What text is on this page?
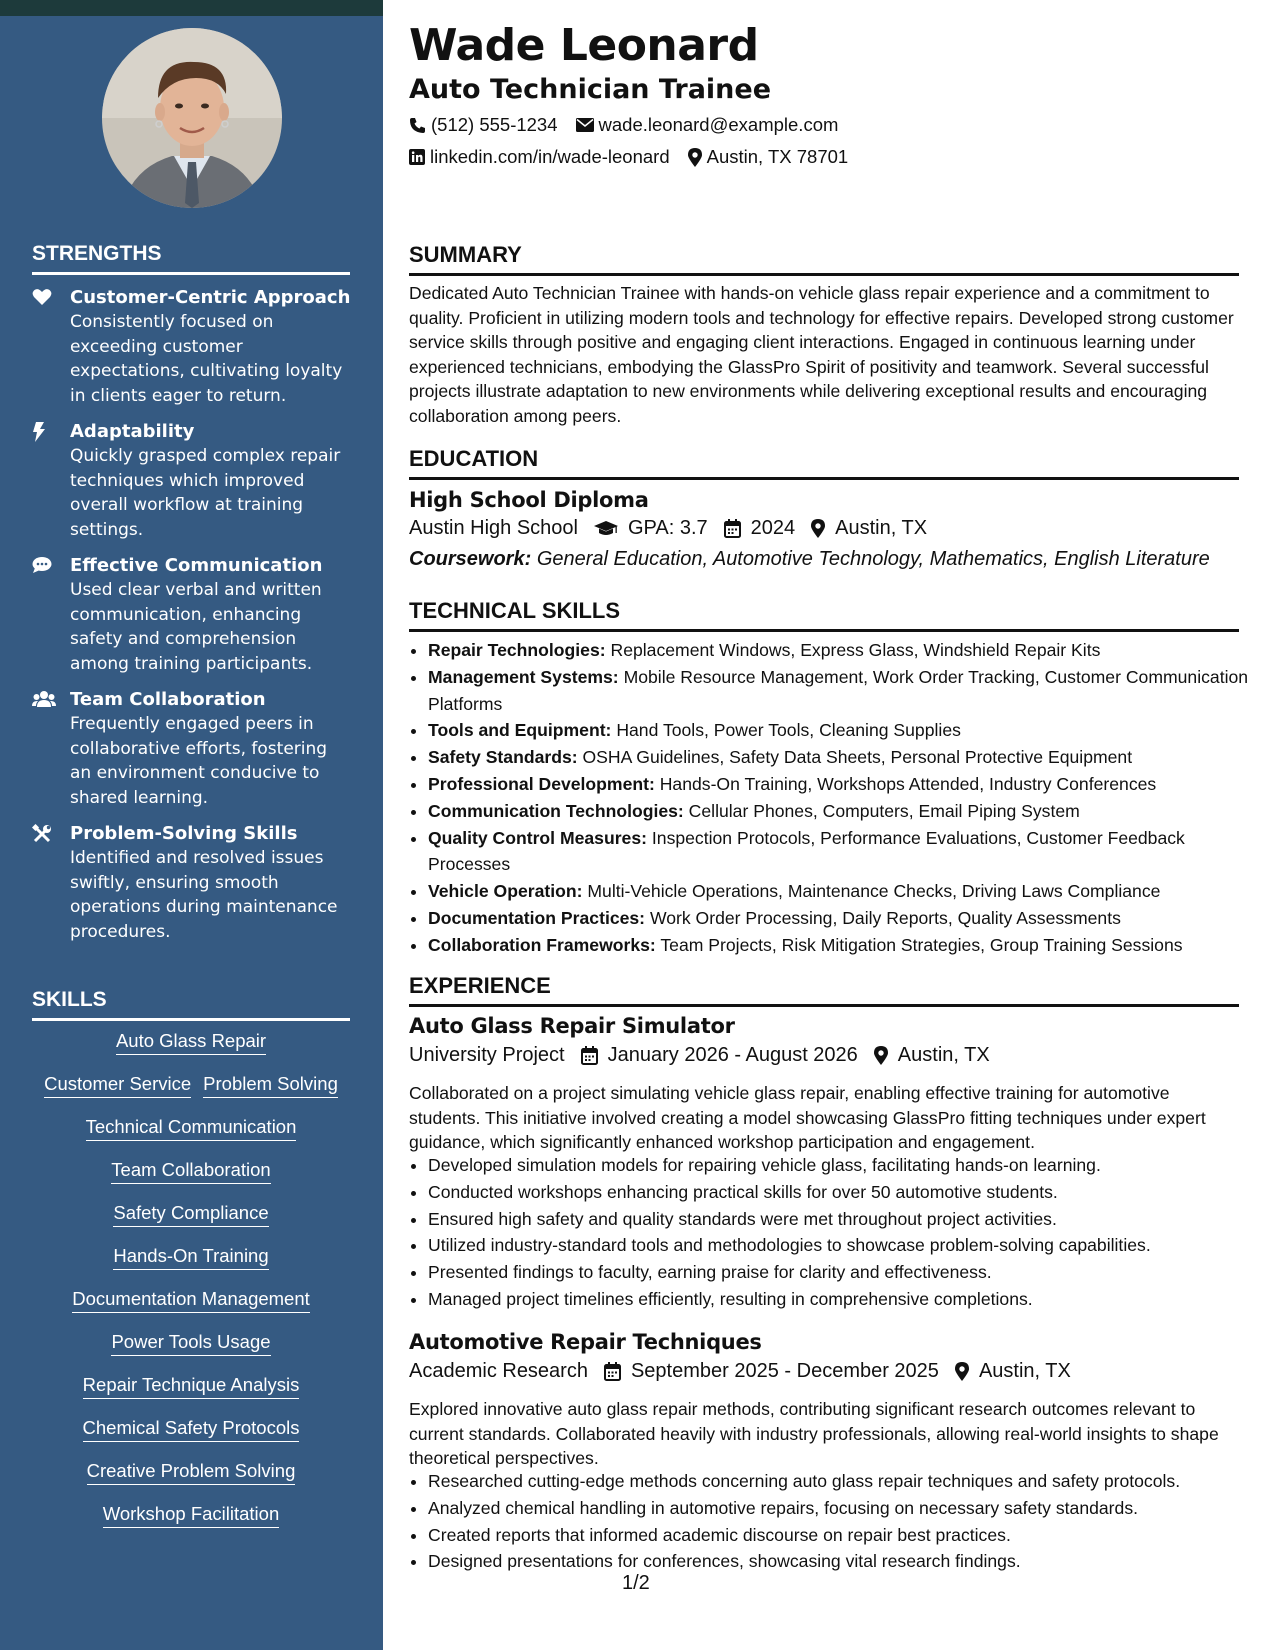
STRENGTHS
Customer-Centric Approach
Consistently focused on exceeding customer expectations, cultivating loyalty in clients eager to return.
Adaptability
Quickly grasped complex repair techniques which improved overall workflow at training settings.
Effective Communication
Used clear verbal and written communication, enhancing safety and comprehension among training participants.
Team Collaboration
Frequently engaged peers in collaborative efforts, fostering an environment conducive to shared learning.
Problem-Solving Skills
Identified and resolved issues swiftly, ensuring smooth operations during maintenance procedures.
SKILLS
Auto Glass Repair
Customer Service Problem Solving
Technical Communication
Team Collaboration
Safety Compliance
Hands-On Training
Documentation Management
Power Tools Usage
Repair Technique Analysis
Chemical Safety Protocols
Creative Problem Solving
Workshop Facilitation
Wade Leonard
Auto Technician Trainee
(512) 555-1234 wade.leonard@example.com
linkedin.com/in/wade-leonard Austin, TX 78701
SUMMARY

Dedicated Auto Technician Trainee with hands-on vehicle glass repair experience and a commitment to quality. Proficient in utilizing modern tools and technology for effective repairs. Developed strong customer service skills through positive and engaging client interactions. Engaged in continuous learning under experienced technicians, embodying the GlassPro Spirit of positivity and teamwork. Several successful projects illustrate adaptation to new environments while delivering exceptional results and encouraging collaboration among peers.

EDUCATION
High School Diploma
Austin High School	GPA: 3.7 2024 Austin, TX
Coursework: General Education, Automotive Technology, Mathematics, English Literature
TECHNICAL SKILLS
• Repair Technologies: Replacement Windows, Express Glass, Windshield Repair Kits
• Management Systems: Mobile Resource Management, Work Order Tracking, Customer Communication Platforms
• Tools and Equipment: Hand Tools, Power Tools, Cleaning Supplies
• Safety Standards: OSHA Guidelines, Safety Data Sheets, Personal Protective Equipment
• Professional Development: Hands-On Training, Workshops Attended, Industry Conferences
• Communication Technologies: Cellular Phones, Computers, Email Piping System
• Quality Control Measures: Inspection Protocols, Performance Evaluations, Customer Feedback Processes
• Vehicle Operation: Multi-Vehicle Operations, Maintenance Checks, Driving Laws Compliance
• Documentation Practices: Work Order Processing, Daily Reports, Quality Assessments
• Collaboration Frameworks: Team Projects, Risk Mitigation Strategies, Group Training Sessions
EXPERIENCE
Auto Glass Repair Simulator
University Project January 2026 - August 2026 Austin, TX

Collaborated on a project simulating vehicle glass repair, enabling effective training for automotive students. This initiative involved creating a model showcasing GlassPro fitting techniques under expert guidance, which significantly enhanced workshop participation and engagement.

• Developed simulation models for repairing vehicle glass, facilitating hands-on learning.
• Conducted workshops enhancing practical skills for over 50 automotive students.
• Ensured high safety and quality standards were met throughout project activities.
• Utilized industry-standard tools and methodologies to showcase problem-solving capabilities.
• Presented findings to faculty, earning praise for clarity and effectiveness.
• Managed project timelines efficiently, resulting in comprehensive completions.
Automotive Repair Techniques
Academic Research September 2025 - December 2025 Austin, TX

Explored innovative auto glass repair methods, contributing significant research outcomes relevant to current standards. Collaborated heavily with industry professionals, allowing real-world insights to shape theoretical perspectives.

• Researched cutting-edge methods concerning auto glass repair techniques and safety protocols.
• Analyzed chemical handling in automotive repairs, focusing on necessary safety standards.
• Created reports that informed academic discourse on repair best practices.
• Designed presentations for conferences, showcasing vital research findings.
1/2
